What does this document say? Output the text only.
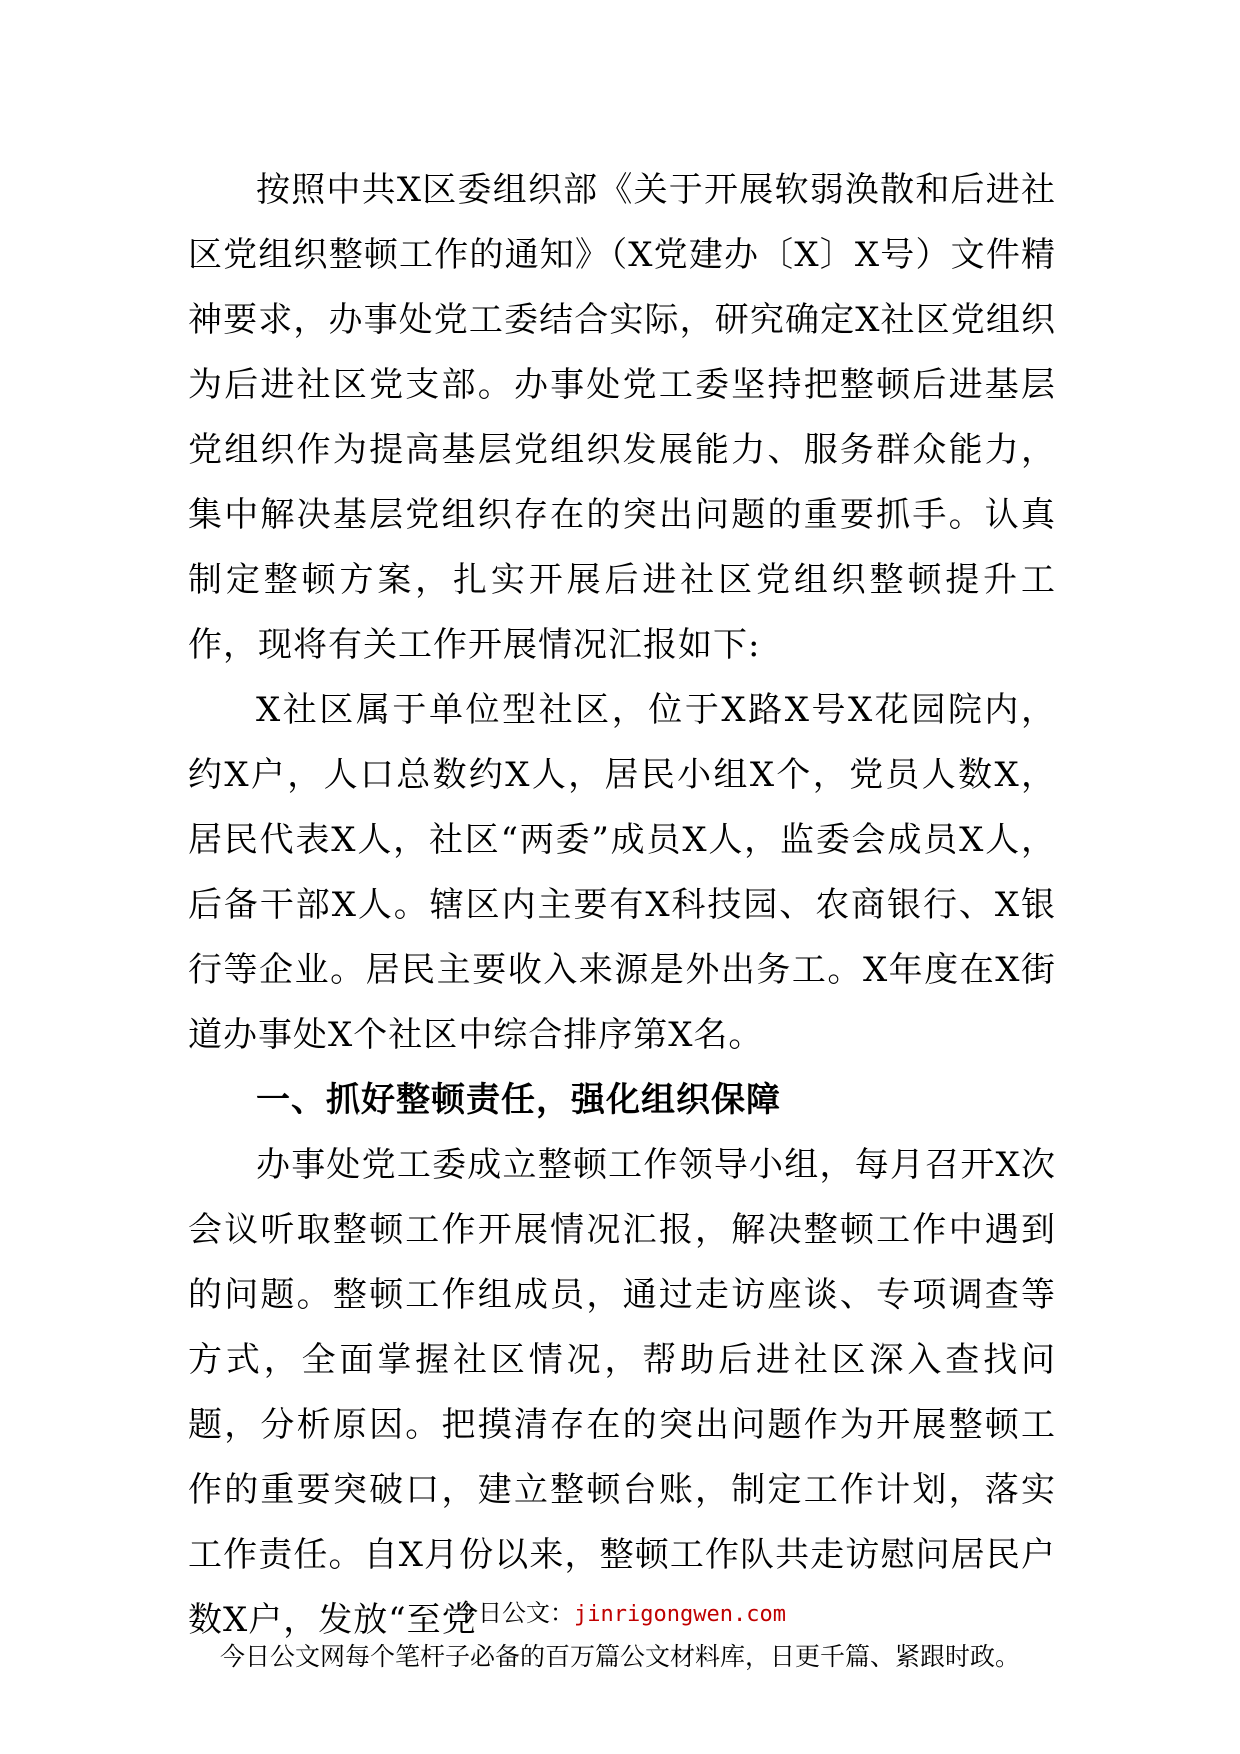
按照中共X区委组织部《关于开展软弱涣散和后进社区党组织整顿工作的通知》（X党建办〔X〕X号）文件精神要求，办事处党工委结合实际，研究确定X社区党组织为后进社区党支部。办事处党工委坚持把整顿后进基层党组织作为提高基层党组织发展能力、服务群众能力，集中解决基层党组织存在的突出问题的重要抓手。认真制定整顿方案，扎实开展后进社区党组织整顿提升工作，现将有关工作开展情况汇报如下:

X社区属于单位型社区，位于X路X号X花园院内，约X户，人口总数约X人，居民小组X个，党员人数X，居民代表X人，社区“两委”成员X人，监委会成员X人，后备干部X人。辖区内主要有X科技园、农商银行、X银行等企业。居民主要收入来源是外出务工。X年度在X街道办事处X个社区中综合排序第X名。

一、抓好整顿责任，强化组织保障

办事处党工委成立整顿工作领导小组，每月召开X次会议听取整顿工作开展情况汇报，解决整顿工作中遇到的问题。整顿工作组成员，通过走访座谈、专项调查等方式，全面掌握社区情况，帮助后进社区深入查找问题，分析原因。把摸清存在的突出问题作为开展整顿工作的重要突破口，建立整顿台账，制定工作计划，落实工作责任。自X月份以来，整顿工作队共走访慰问居民户数X户，发放“至党

今日公文：jinrigongwen.com
今日公文网每个笔杆子必备的百万篇公文材料库，日更千篇、紧跟时政。
